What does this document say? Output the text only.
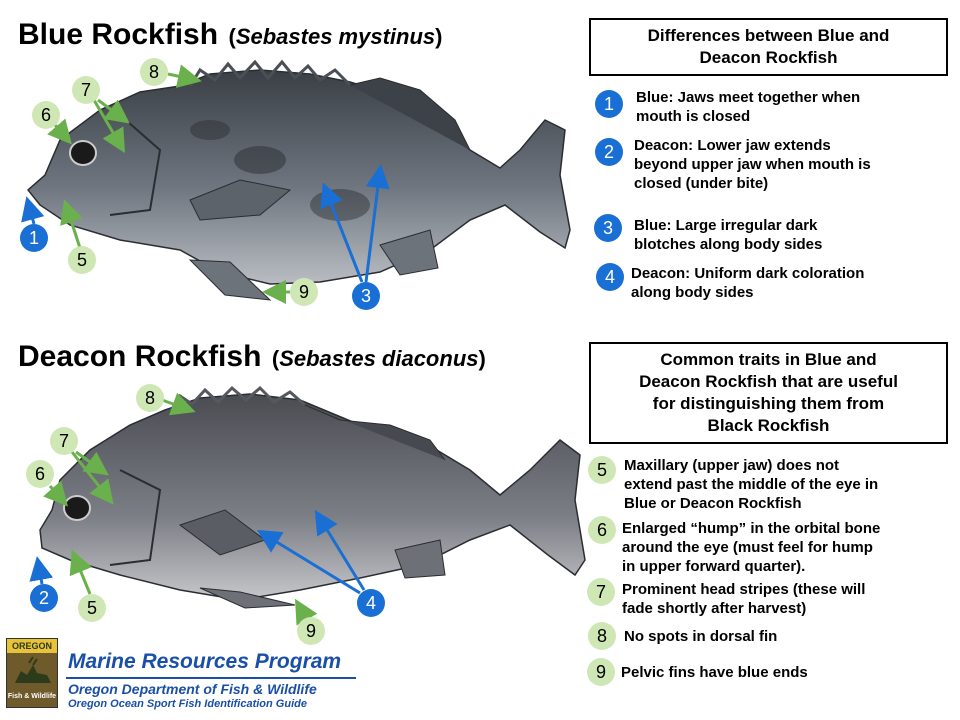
Blue Rockfish (Sebastes mystinus)
Deacon Rockfish (Sebastes diaconus)
1
3
5
6
7
8
9
2	4
5
6
7
8
9
Differences between Blue and
Deacon Rockfish
1	Blue: Jaws meet together when
mouth is closed
2	Deacon: Lower jaw extends
beyond upper jaw when mouth is
closed (under bite)
3	Blue: Large irregular dark
blotches along body sides
4	Deacon: Uniform dark coloration
along body sides
Common traits in Blue and
Deacon Rockfish that are useful
for distinguishing them from
Black Rockfish
5	Maxillary (upper jaw) does not
extend past the middle of the eye in
Blue or Deacon Rockfish
6	Enlarged “hump” in the orbital bone
around the eye (must feel for hump
in upper forward quarter).
7	Prominent head stripes (these will
fade shortly after harvest)
8	No spots in dorsal fin
9	Pelvic fins have blue ends
OREGON
Fish & Wildlife
Marine Resources Program
Oregon Department of Fish & Wildlife
Oregon Ocean Sport Fish Identification Guide
